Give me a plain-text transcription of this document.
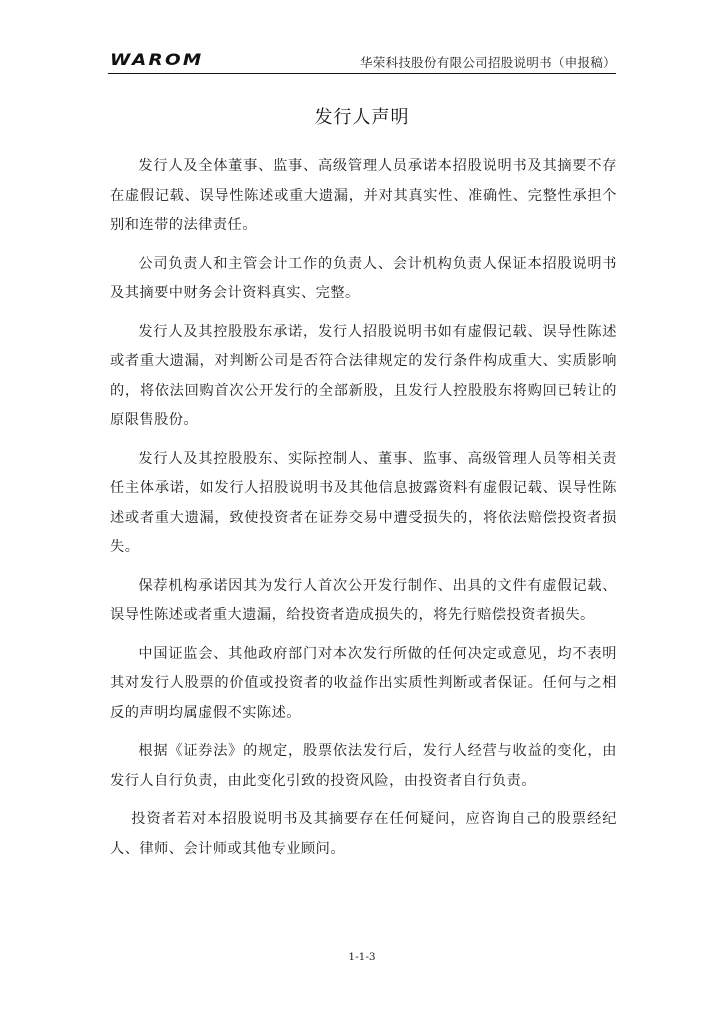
WAROM	华荣科技股份有限公司招股说明书（申报稿）
发行人声明

发行人及全体董事、监事、高级管理人员承诺本招股说明书及其摘要不存在虚假记载、误导性陈述或重大遗漏，并对其真实性、准确性、完整性承担个别和连带的法律责任。

公司负责人和主管会计工作的负责人、会计机构负责人保证本招股说明书及其摘要中财务会计资料真实、完整。

发行人及其控股股东承诺，发行人招股说明书如有虚假记载、误导性陈述或者重大遗漏，对判断公司是否符合法律规定的发行条件构成重大、实质影响的，将依法回购首次公开发行的全部新股，且发行人控股股东将购回已转让的原限售股份。

发行人及其控股股东、实际控制人、董事、监事、高级管理人员等相关责任主体承诺，如发行人招股说明书及其他信息披露资料有虚假记载、误导性陈述或者重大遗漏，致使投资者在证券交易中遭受损失的，将依法赔偿投资者损失。

保荐机构承诺因其为发行人首次公开发行制作、出具的文件有虚假记载、误导性陈述或者重大遗漏，给投资者造成损失的，将先行赔偿投资者损失。

中国证监会、其他政府部门对本次发行所做的任何决定或意见，均不表明其对发行人股票的价值或投资者的收益作出实质性判断或者保证。任何与之相反的声明均属虚假不实陈述。

根据《证券法》的规定，股票依法发行后，发行人经营与收益的变化，由发行人自行负责，由此变化引致的投资风险，由投资者自行负责。

投资者若对本招股说明书及其摘要存在任何疑问，应咨询自己的股票经纪人、律师、会计师或其他专业顾问。

1-1-3
